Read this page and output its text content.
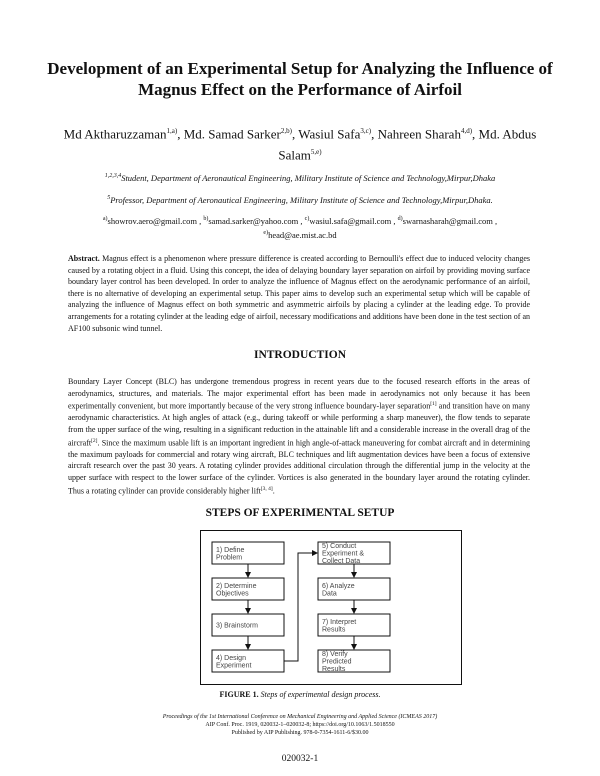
Development of an Experimental Setup for Analyzing the Influence of Magnus Effect on the Performance of Airfoil
Md Aktharuzzaman$^{1,a)}$, Md. Samad Sarker$^{2,b)}$, Wasiul Safa$^{3,c)}$, Nahreen Sharah$^{4,d)}$, Md. Abdus Salam$^{5,e)}$
$^{1,2,3,4}$Student, Department of Aeronautical Engineering, Military Institute of Science and Technology,Mirpur,Dhaka
$^5$Professor, Department of Aeronautical Engineering, Military Institute of Science and Technology,Mirpur,Dhaka.
$^{a)}$showrov.aero@gmail.com , $^{b)}$samad.sarker@yahoo.com , $^{c)}$wasiul.safa@gmail.com , $^{d)}$swarnasharah@gmail.com ,
$^{e)}$head@ae.mist.ac.bd
Abstract. Magnus effect is a phenomenon where pressure difference is created according to Bernoulli's effect due to induced velocity changes caused by a rotating object in a fluid. Using this concept, the idea of delaying boundary layer separation on airfoil by providing moving surface boundary layer control has been developed. In order to analyze the influence of Magnus effect on the aerodynamic performance of an airfoil, there is no alternative of developing an experimental setup. This paper aims to develop such an experimental setup which will be capable of analyzing the influence of Magnus effect on both symmetric and asymmetric airfoils by placing a cylinder at the leading edge. To provide arrangements for a rotating cylinder at the leading edge of airfoil, necessary modifications and additions have been done in the test section of an AF100 subsonic wind tunnel.
INTRODUCTION
Boundary Layer Concept (BLC) has undergone tremendous progress in recent years due to the focused research efforts in the areas of aerodynamics, structures, and materials. The major experimental effort has been made in aerodynamics not only because it has been experimentally convenient, but more importantly because of the very strong influence boundary-layer separation[1] and transition have on many aerodynamic characteristics. At high angles of attack (e.g., during takeoff or while performing a sharp maneuver), the flow tends to separate from the upper surface of the wing, resulting in a significant reduction in the attainable lift and a considerable increase in the overall drag of the aircraft[2]. Since the maximum usable lift is an important ingredient in high angle-of-attack maneuvering for combat aircraft and in determining the maximum payloads for commercial and rotary wing aircraft, BLC techniques and lift augmentation devices have been a focus of extensive aircraft research over the past 30 years. A rotating cylinder provides additional circulation through the differential jump in the velocity at the upper surface with respect to the lower surface of the cylinder. Vortices is also generated in the boundary layer around the rotating cylinder. Thus a rotating cylinder can provide considerably higher lift[3, 4].
STEPS OF EXPERIMENTAL SETUP
1) Define
Problem
2) Determine
Objectives
3) Brainstorm
4) Design
Experiment
5) Conduct
Experiment &
Collect Data
6) Analyze
Data
7) Interpret
Results
8) Verify
Predicted
Results
FIGURE 1. Steps of experimental design process.
Proceedings of the 1st International Conference on Mechanical Engineering and Applied Science (ICMEAS 2017)
AIP Conf. Proc. 1919, 020032-1–020032-8; https://doi.org/10.1063/1.5018550
Published by AIP Publishing. 978-0-7354-1611-6/$30.00
020032-1
